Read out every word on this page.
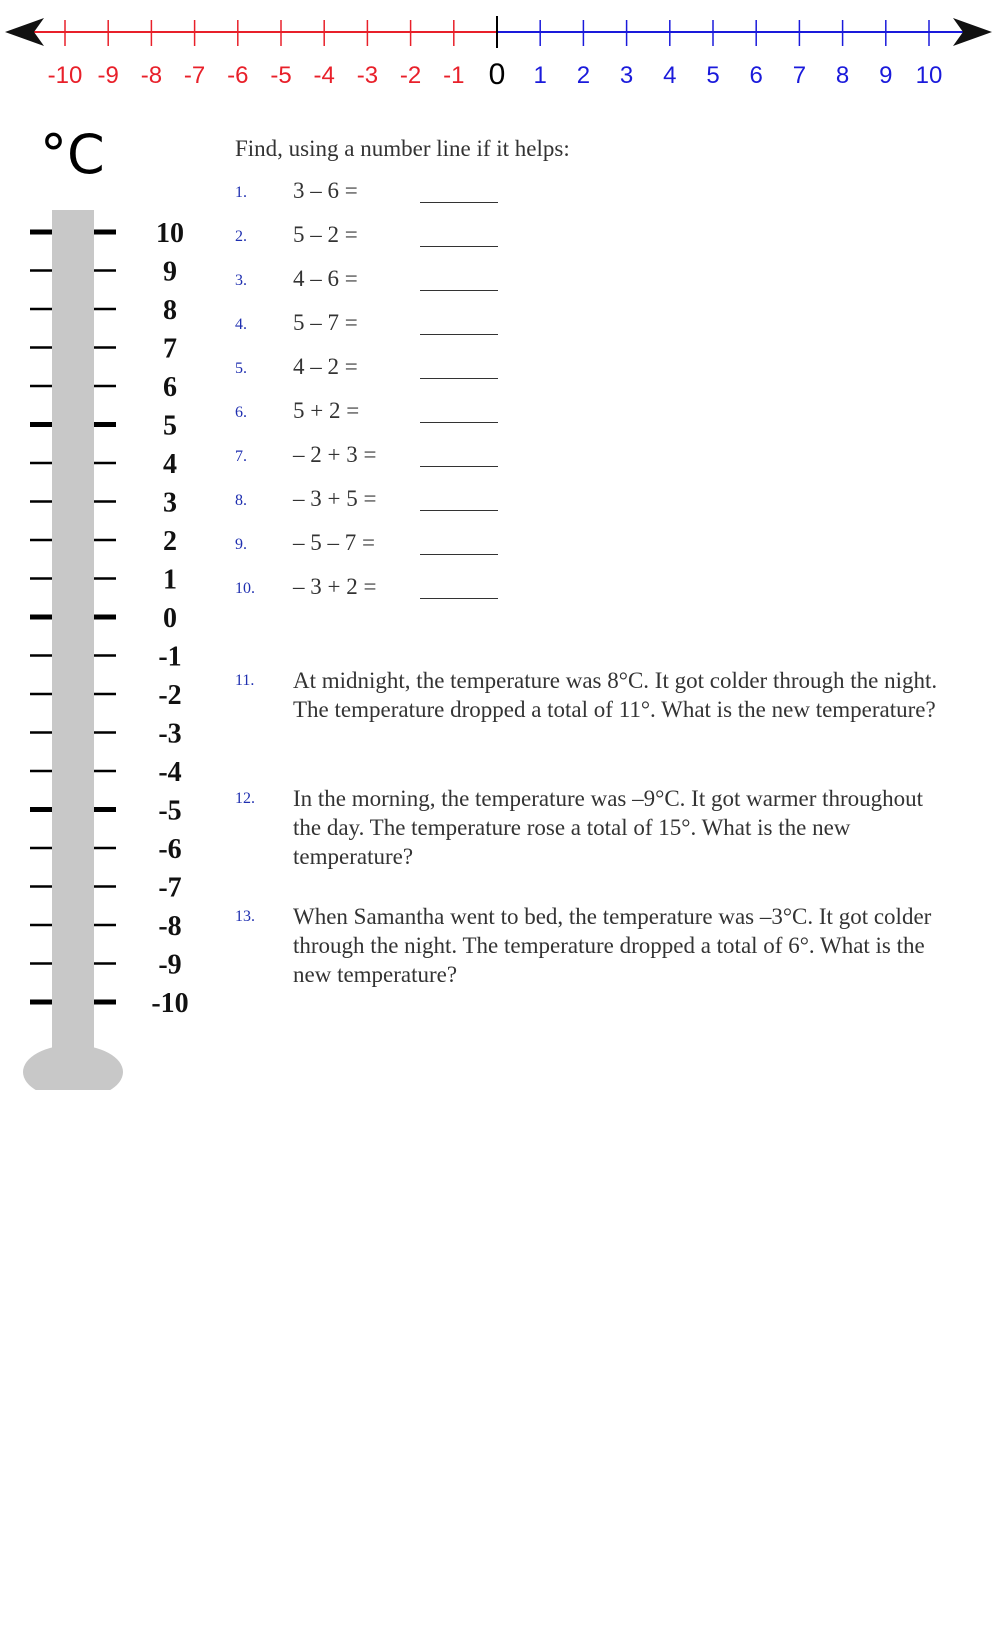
-10 -9 -8 -7 -6 -5 -4 -3 -2 -1 0 1 2 3 4 5 6 7 8 9 10
°C
10
9
8
7
6
5
4
3
2
1
0
-1
-2
-3
-4
-5
-6
-7
-8
-9
-10
Find, using a number line if it helps:
1. 3 – 6 =
2. 5 – 2 =
3. 4 – 6 =
4. 5 – 7 =
5. 4 – 2 =
6. 5 + 2 =
7. – 2 + 3 =
8. – 3 + 5 =
9. – 5 – 7 =
10. – 3 + 2 =
11. At midnight, the temperature was 8°C. It got colder through the night. The temperature dropped a total of 11°. What is the new temperature?
12. In the morning, the temperature was –9°C. It got warmer throughout the day. The temperature rose a total of 15°. What is the new temperature?
13. When Samantha went to bed, the temperature was –3°C. It got colder through the night. The temperature dropped a total of 6°. What is the new temperature?
